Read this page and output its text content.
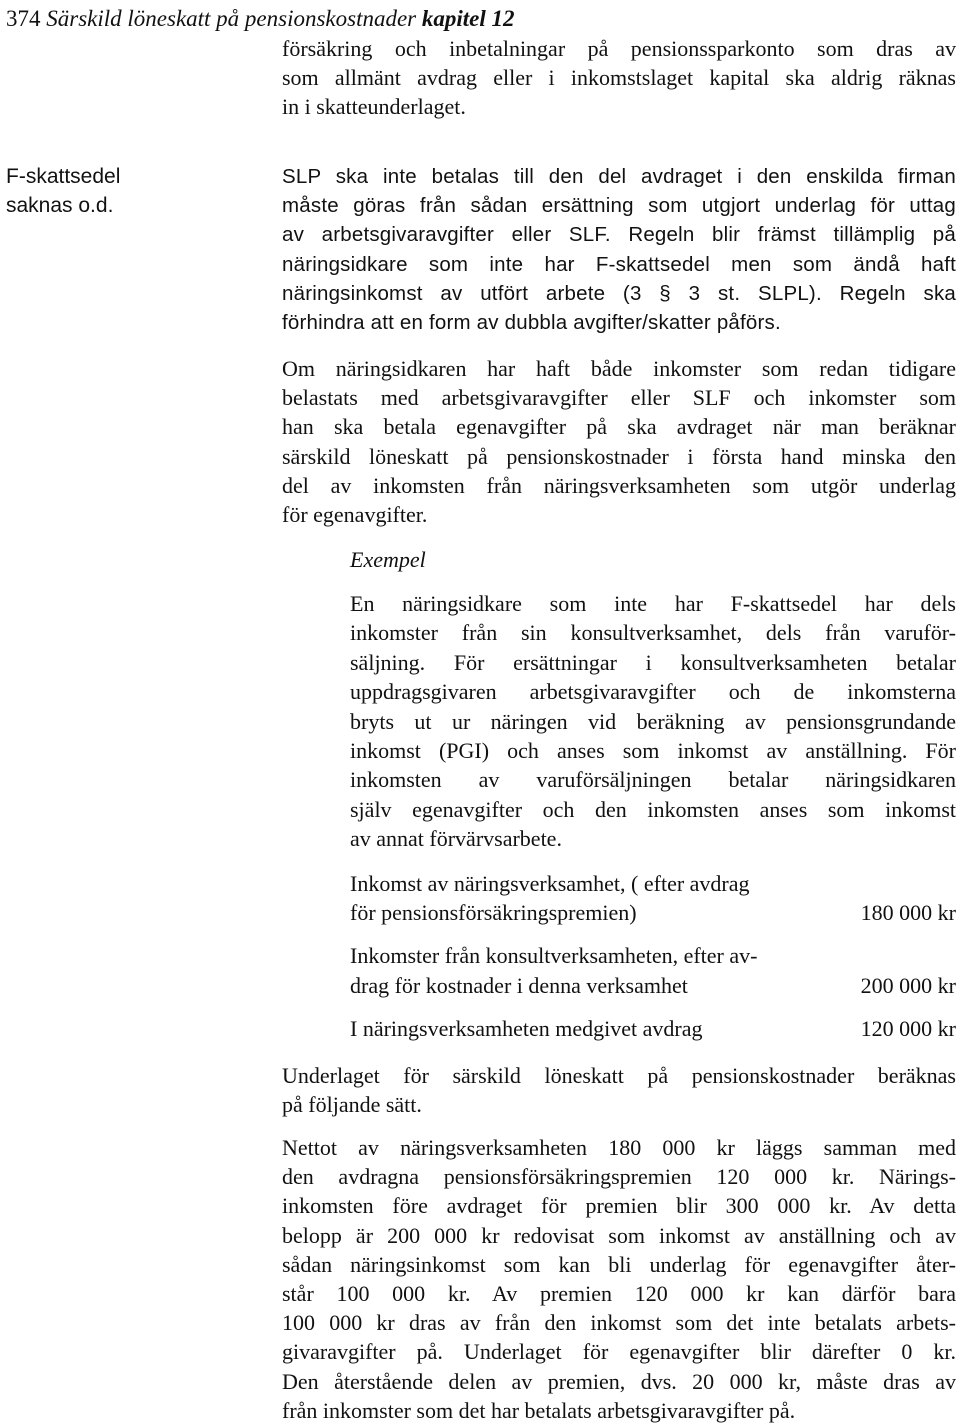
374 Särskild löneskatt på pensionskostnader kapitel 12
F-skattsedel
saknas o.d.
försäkring och inbetalningar på pensionssparkonto som dras av
som allmänt avdrag eller i inkomstslaget kapital ska aldrig räknas
in i skatteunderlaget.
SLP ska inte betalas till den del avdraget i den enskilda firman
måste göras från sådan ersättning som utgjort underlag för uttag
av arbetsgivaravgifter eller SLF. Regeln blir främst tillämplig på
näringsidkare som inte har F-skattsedel men som ändå haft
näringsinkomst av utfört arbete (3 § 3 st. SLPL). Regeln ska
förhindra att en form av dubbla avgifter/skatter påförs.
Om näringsidkaren har haft både inkomster som redan tidigare
belastats med arbetsgivaravgifter eller SLF och inkomster som
han ska betala egenavgifter på ska avdraget när man beräknar
särskild löneskatt på pensionskostnader i första hand minska den
del av inkomsten från näringsverksamheten som utgör underlag
för egenavgifter.
Exempel
En näringsidkare som inte har F-skattsedel har dels
inkomster från sin konsultverksamhet, dels från varuför-
säljning. För ersättningar i konsultverksamheten betalar
uppdragsgivaren arbetsgivaravgifter och de inkomsterna
bryts ut ur näringen vid beräkning av pensionsgrundande
inkomst (PGI) och anses som inkomst av anställning. För
inkomsten av varuförsäljningen betalar näringsidkaren
själv egenavgifter och den inkomsten anses som inkomst
av annat förvärvsarbete.
Inkomst av näringsverksamhet, ( efter avdrag
för pensionsförsäkringspremien)	180 000 kr
Inkomster från konsultverksamheten, efter av-
drag för kostnader i denna verksamhet	200 000 kr
I näringsverksamheten medgivet avdrag	120 000 kr
Underlaget för särskild löneskatt på pensionskostnader beräknas
på följande sätt.
Nettot av näringsverksamheten 180 000 kr läggs samman med
den avdragna pensionsförsäkringspremien 120 000 kr. Närings-
inkomsten före avdraget för premien blir 300 000 kr. Av detta
belopp är 200 000 kr redovisat som inkomst av anställning och av
sådan näringsinkomst som kan bli underlag för egenavgifter åter-
står 100 000 kr. Av premien 120 000 kr kan därför bara
100 000 kr dras av från den inkomst som det inte betalats arbets-
givaravgifter på. Underlaget för egenavgifter blir därefter 0 kr.
Den återstående delen av premien, dvs. 20 000 kr, måste dras av
från inkomster som det har betalats arbetsgivaravgifter på.
